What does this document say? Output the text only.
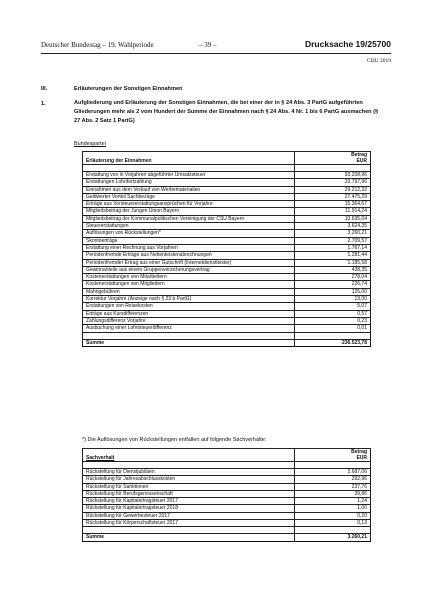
Deutscher Bundestag – 19. Wahlperiode	– 39 –	Drucksache 19/25700
CDU 2019
III.	Erläuterungen der Sonstigen Einnahmen
1.	Aufgliederung und Erläuterung der Sonstigen Einnahmen, die bei einer der in § 24 Abs. 3 PartG aufgeführten Gliederungen mehr als 2 vom Hundert der Summe der Einnahmen nach § 24 Abs. 4 Nr. 1 bis 6 PartG ausmachen (§ 27 Abs. 2 Satz 1 PartG)
Bundespartei
Erläuterung der Einnahmen	Betrag
EUR

Erstattung von in Vorjahren abgeführter Umsatzsteuer	93.208,96
Erstattungen Lohnfortzahlung	33.797,96
Einnahmen aus dem Verkauf von Werbematerialien	29.212,32
Geldwerter Vorteil Sachbezüge	27.475,29
Erträge aus Vorsteuererstattungsansprüchen für Vorjahre	15.364,67
Mitgliedsbeitrag der Jungen Union Bayern	11.914,24
Mitgliedsbeitrag der Kommunalpolitischen Vereinigung der CSU Bayern	10.635,04
Steuererstattungen	3.624,35
Auflösungen von Rückstellungen*	3.260,21
Skontoerträge	2.709,57
Erstattung einer Rechnung aus Vorjahren	1.767,14
Periodenfremde Erträge aus Nebenkostenabrechnungen	1.281,44
Periodenfremder Ertrag aus einer Gutschrift (Internetdienstleister)	1.185,58
Gewinnanteile aus einem Gruppenversicherungsvertrag	438,35
Kostenerstattungen von Mitarbeitern	278,04
Kostenerstattungen von Mitgliedern	226,74
Mahngebühren	125,00
Korrektur Vorjahre (Anzeige nach § 23 b PartG)	13,00
Erstattungen von Reisekosten	5,07
Erträge aus Kursdifferenzen	0,57
Zahlungsdifferenz Vorjahre	0,23
Ausbuchung einer Lohnsteuerdifferenz	0,01

Summe	236.523,78
*) Die Auflösungen von Rückstellungen entfallen auf folgende Sachverhalte:
Sachverhalt	Betrag
EUR

Rückstellung für Dienstjubiläen	2.687,06
Rückstellung für Jahresabschlusskosten	292,96
Rückstellung für Sanktionen	237,76
Rückstellung für Berufsgenossenschaft	39,86
Rückstellung für Kapitalertragsteuer 2017	1,24
Rückstellung für Kapitalertragsteuer 2018	1,00
Rückstellung für Gewerbesteuer 2017	0,20
Rückstellung für Körperschaftsteuer 2017	0,13

Summe	3.260,21
